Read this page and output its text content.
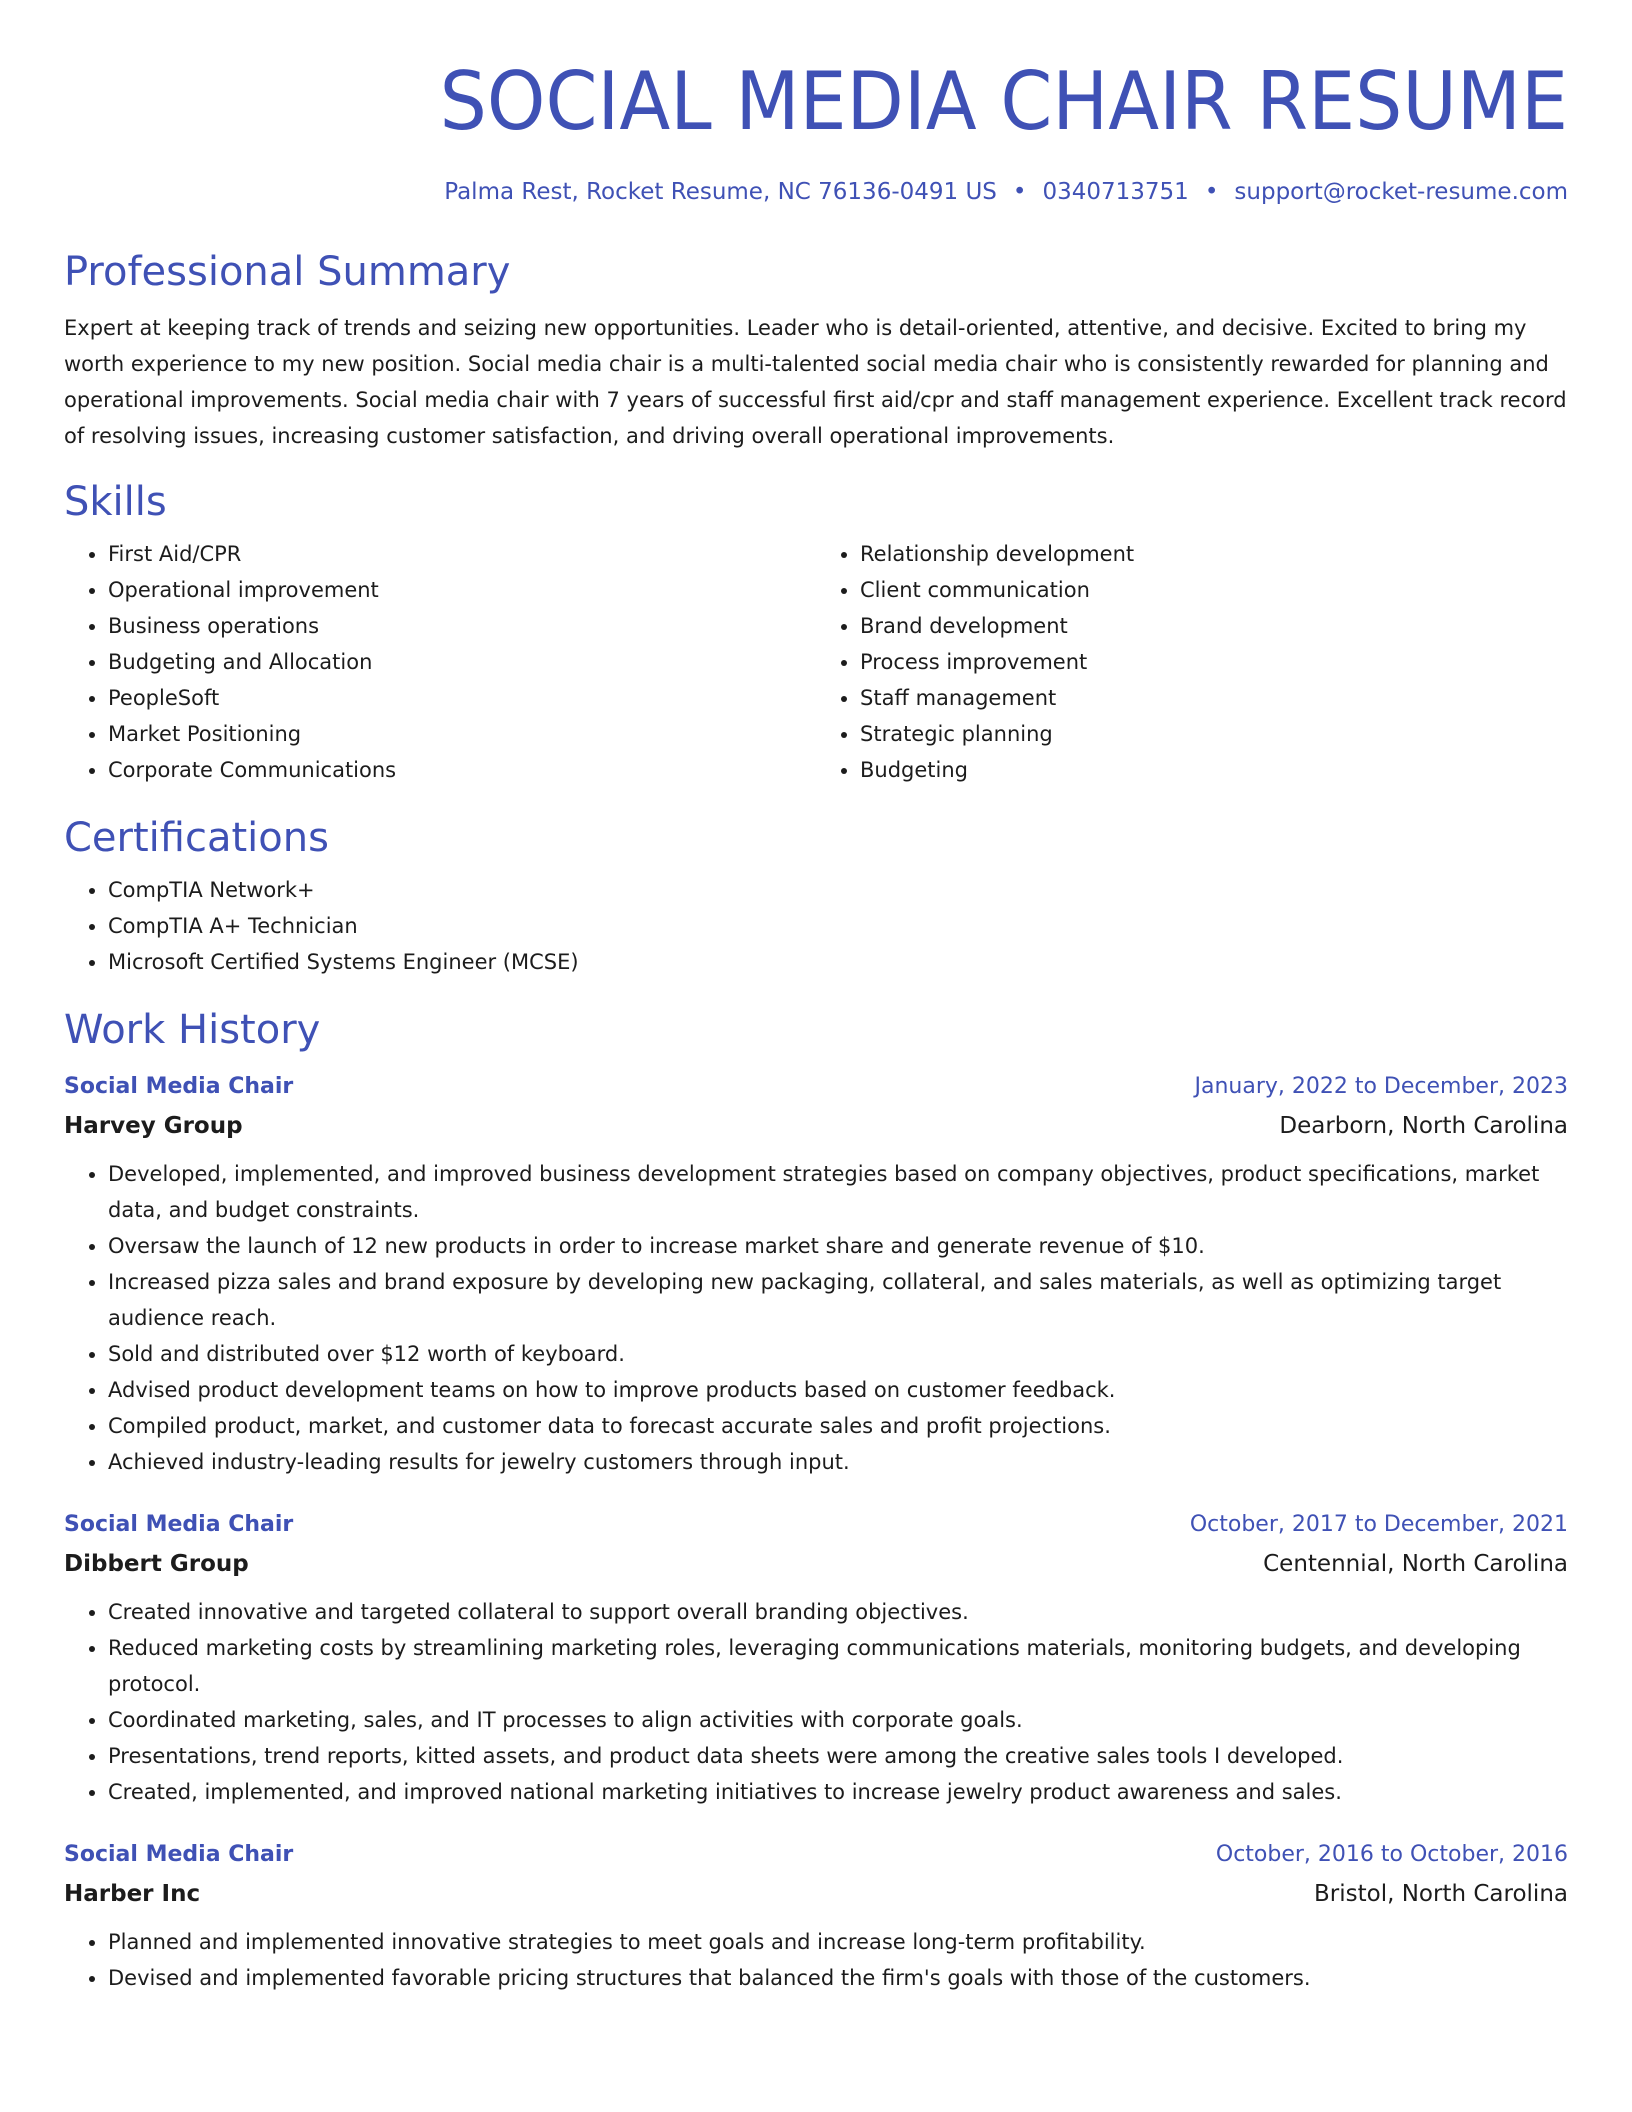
SOCIAL MEDIA CHAIR RESUME
Palma Rest, Rocket Resume, NC 76136-0491 US • 0340713751 • support@rocket-resume.com
Professional Summary

Expert at keeping track of trends and seizing new opportunities. Leader who is detail-oriented, attentive, and decisive. Excited to bring my worth experience to my new position. Social media chair is a multi-talented social media chair who is consistently rewarded for planning and operational improvements. Social media chair with 7 years of successful first aid/cpr and staff management experience. Excellent track record of resolving issues, increasing customer satisfaction, and driving overall operational improvements.

Skills
• First Aid/CPR
• Operational improvement
• Business operations
• Budgeting and Allocation
• PeopleSoft
• Market Positioning
• Corporate Communications
• Relationship development
• Client communication
• Brand development
• Process improvement
• Staff management
• Strategic planning
• Budgeting
Certifications
• CompTIA Network+
• CompTIA A+ Technician
• Microsoft Certified Systems Engineer (MCSE)
Work History
Social Media Chair	January, 2022 to December, 2023
Harvey Group	Dearborn, North Carolina
• Developed, implemented, and improved business development strategies based on company objectives, product specifications, market data, and budget constraints.
• Oversaw the launch of 12 new products in order to increase market share and generate revenue of $10.
• Increased pizza sales and brand exposure by developing new packaging, collateral, and sales materials, as well as optimizing target audience reach.
• Sold and distributed over $12 worth of keyboard.
• Advised product development teams on how to improve products based on customer feedback.
• Compiled product, market, and customer data to forecast accurate sales and profit projections.
• Achieved industry-leading results for jewelry customers through input.
Social Media Chair	October, 2017 to December, 2021
Dibbert Group	Centennial, North Carolina
• Created innovative and targeted collateral to support overall branding objectives.
• Reduced marketing costs by streamlining marketing roles, leveraging communications materials, monitoring budgets, and developing protocol.
• Coordinated marketing, sales, and IT processes to align activities with corporate goals.
• Presentations, trend reports, kitted assets, and product data sheets were among the creative sales tools I developed.
• Created, implemented, and improved national marketing initiatives to increase jewelry product awareness and sales.
Social Media Chair	October, 2016 to October, 2016
Harber Inc	Bristol, North Carolina
• Planned and implemented innovative strategies to meet goals and increase long-term profitability.
• Devised and implemented favorable pricing structures that balanced the firm's goals with those of the customers.
